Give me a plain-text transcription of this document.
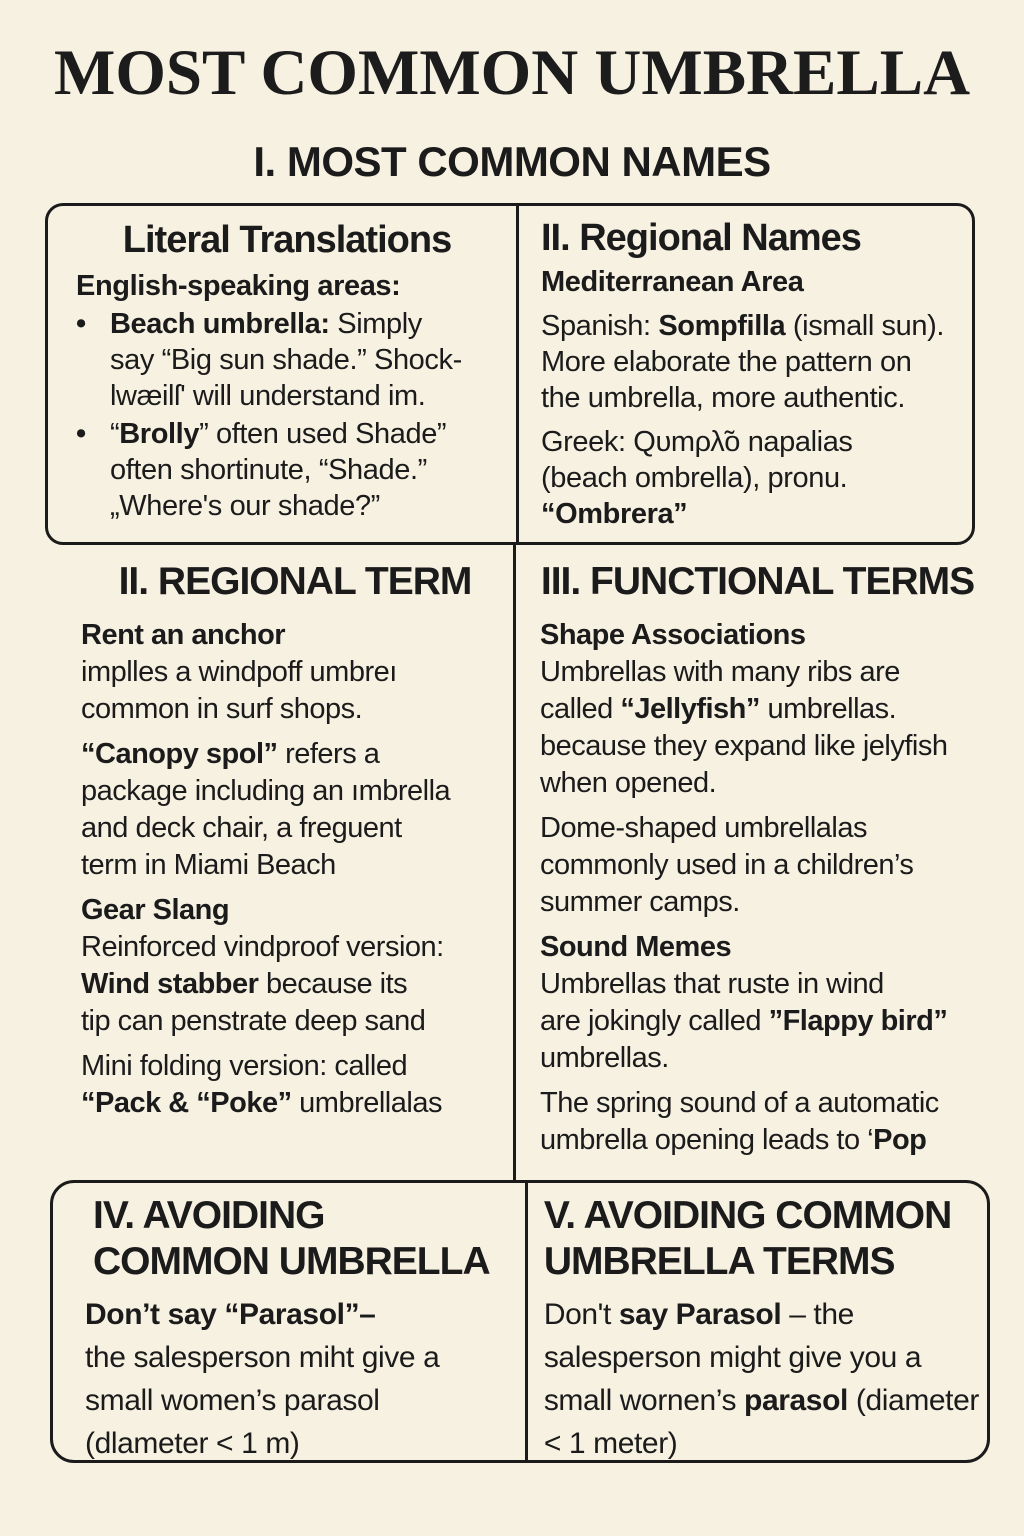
MOST COMMON UMBRELLA
I. MOST COMMON NAMES
Literal Translations
English-speaking areas:
• Beach umbrella: Simply
say “Big sun shade.” Shock-
lwæilſ' will understand im.
• “Brolly” often used Shade”
often shortinute, “Shade.”
„Where's our shade?”
II. Regional Names
Mediterranean Area
Spanish: Sompfilla (ismall sun).
More elaborate the pattern on
the umbrella, more authentic.
Greek: Qυmρλ̃o napalias
(beach ombrella), pronu.
“Ombrera”
II. REGIONAL TERM
Rent an anchor
implles a windpoff umbreı
common in surf shops.
“Canopy spol” refers a
package including an ımbrella
and deck chair, a freguent
term in Miami Beach
Gear Slang
Reinforced vindproof version:
Wind stabber because its
tip can penstrate deep sand
Mini folding version: called
“Pack & “Poke” umbrellalas
III. FUNCTIONAL TERMS
Shape Associations
Umbrellas with many ribs are
called “Jellyfish” umbrellas.
because they expand like jelyfish
when opened.
Dome-shaped umbrellalas
commonly used in a children’s
summer camps.
Sound Memes
Umbrellas that ruste in wind
are jokingly called ”Flappy bird”
umbrellas.
The spring sound of a automatic
umbrella opening leads to ‘Pop
IV. AVOIDING
COMMON UMBRELLA
Don’t say “Parasol”–
the salesperson miht give a
small women’s parasol
(dlameter < 1 m)
V. AVOIDING COMMON
UMBRELLA TERMS
Don't say Parasol – the
salesperson might give you a
small wornen’s parasol (diameter
< 1 meter)
